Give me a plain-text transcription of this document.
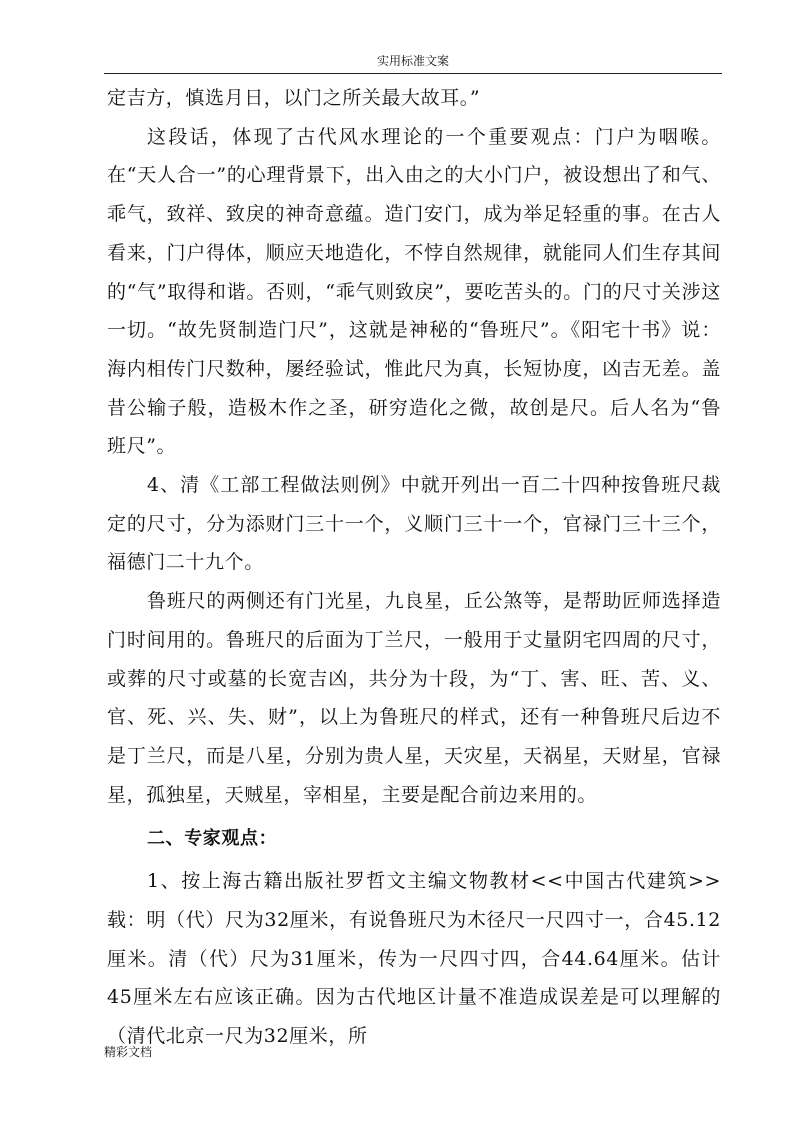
实用标准文案

定吉方，慎选月日，以门之所关最大故耳。”

这段话，体现了古代风水理论的一个重要观点：门户为咽喉。在“天人合一”的心理背景下，出入由之的大小门户，被设想出了和气、乖气，致祥、致戾的神奇意蕴。造门安门，成为举足轻重的事。在古人看来，门户得体，顺应天地造化，不悖自然规律，就能同人们生存其间的“气”取得和谐。否则，“乖气则致戾”，要吃苦头的。门的尺寸关涉这一切。“故先贤制造门尺”，这就是神秘的“鲁班尺”。《阳宅十书》说：海内相传门尺数种，屡经验试，惟此尺为真，长短协度，凶吉无差。盖昔公输子般，造极木作之圣，研穷造化之微，故创是尺。后人名为“鲁班尺”。

4、清《工部工程做法则例》中就开列出一百二十四种按鲁班尺裁定的尺寸，分为添财门三十一个，义顺门三十一个，官禄门三十三个，福德门二十九个。

鲁班尺的两侧还有门光星，九良星，丘公煞等，是帮助匠师选择造门时间用的。鲁班尺的后面为丁兰尺，一般用于丈量阴宅四周的尺寸，或葬的尺寸或墓的长宽吉凶，共分为十段，为“丁、害、旺、苦、义、官、死、兴、失、财”，以上为鲁班尺的样式，还有一种鲁班尺后边不是丁兰尺，而是八星，分别为贵人星，天灾星，天祸星，天财星，官禄星，孤独星，天贼星，宰相星，主要是配合前边来用的。

二、专家观点：

1、按上海古籍出版社罗哲文主编文物教材<<中国古代建筑>>载：明（代）尺为32厘米，有说鲁班尺为木径尺一尺四寸一，合45.12厘米。清（代）尺为31厘米，传为一尺四寸四，合44.64厘米。估计45厘米左右应该正确。因为古代地区计量不准造成误差是可以理解的（清代北京一尺为32厘米，所

精彩文档
